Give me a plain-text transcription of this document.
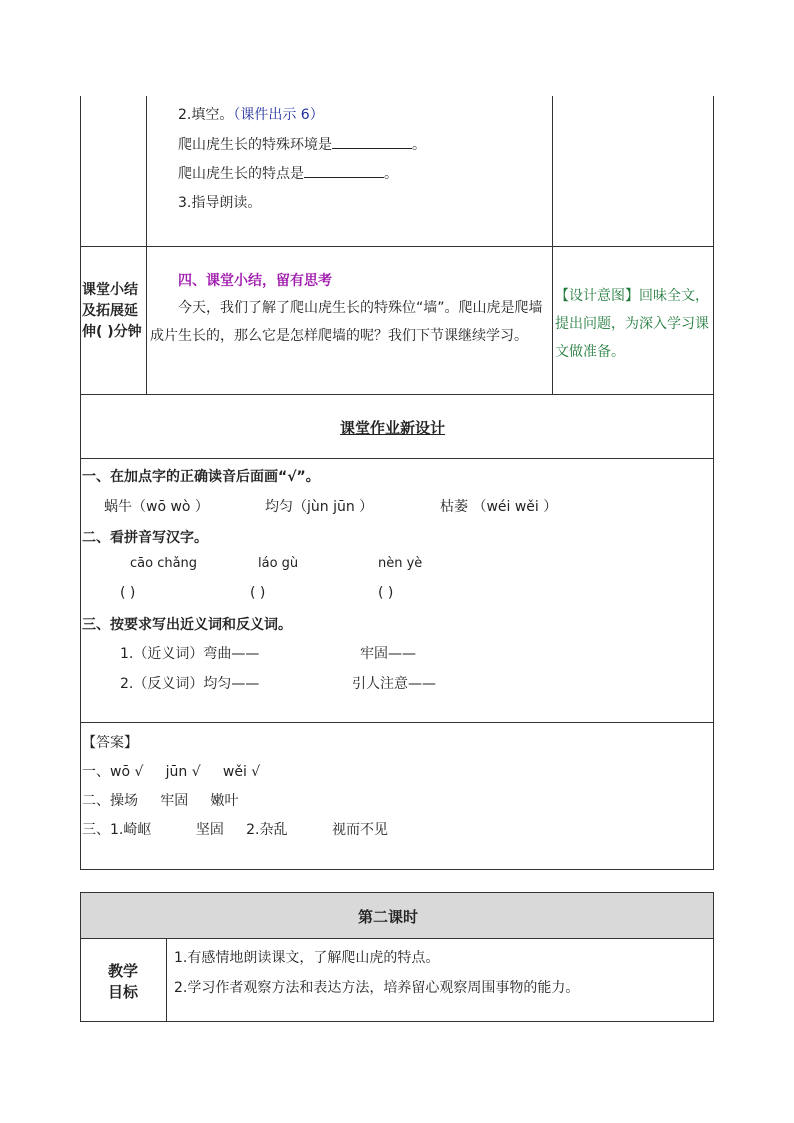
2.填空。（课件出示 6）
爬山虎生长的特殊环境是	。
爬山虎生长的特点是	。
3.指导朗读。
课堂小结及拓展延伸( )分钟
四、课堂小结，留有思考
今天，我们了解了爬山虎生长的特殊位“墙”。爬山虎是爬墙成片生长的，那么它是怎样爬墙的呢？我们下节课继续学习。
【设计意图】回味全文，提出问题，为深入学习课文做准备。
课堂作业新设计
一、在加点字的正确读音后面画“√”。
蜗牛（wō wò ）	均匀（jùn jūn ）	枯萎 （wéi wěi ）
二、看拼音写汉字。
cāo chǎng	láo gù	nèn yè
( )	( )	( )
三、按要求写出近义词和反义词。
1.（近义词）弯曲——	牢固——
2.（反义词）均匀——	引人注意——
【答案】
一、wō √     jūn √     wěi √
二、操场     牢固     嫩叶
三、1.崎岖          坚固     2.杂乱          视而不见
第二课时
教学
目标
1.有感情地朗读课文，了解爬山虎的特点。
2.学习作者观察方法和表达方法，培养留心观察周围事物的能力。
